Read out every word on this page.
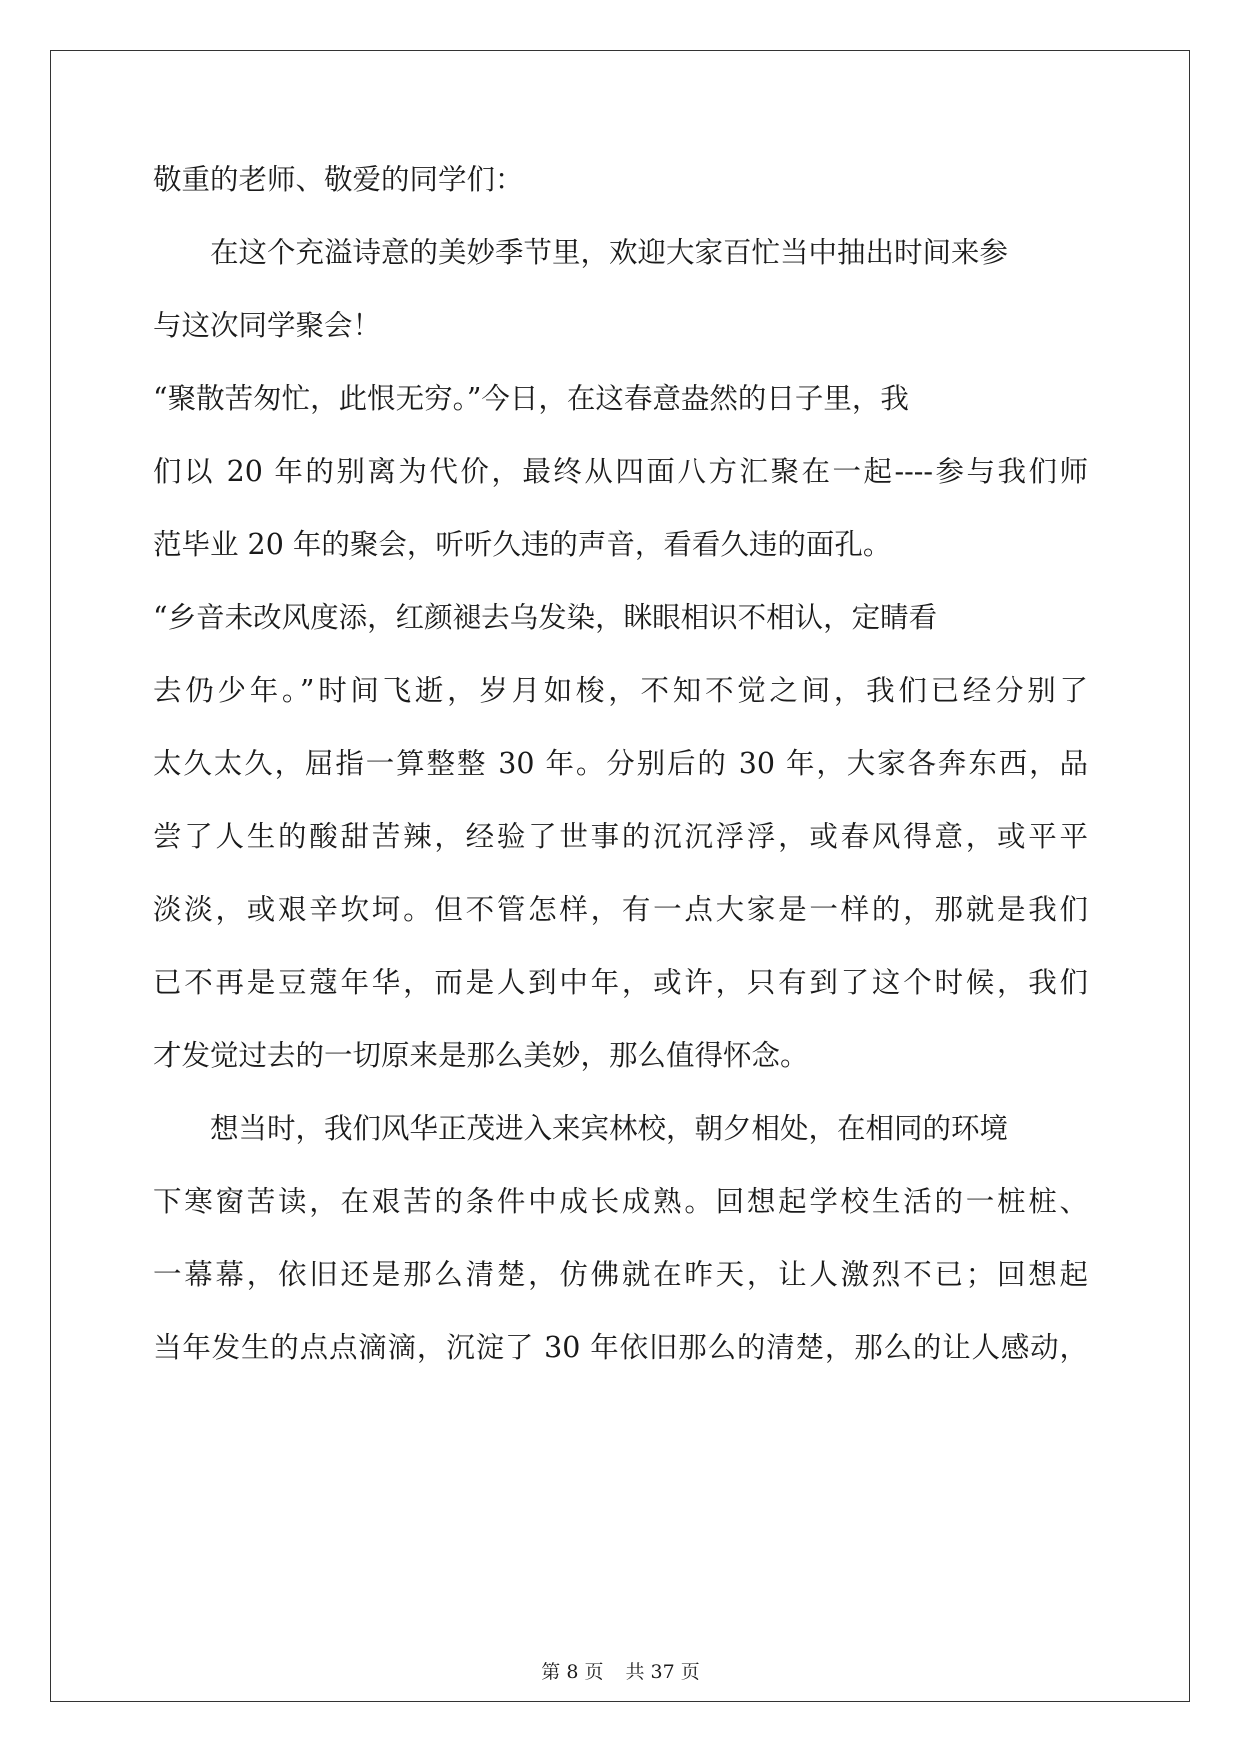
敬重的老师、敬爱的同学们：
在这个充溢诗意的美妙季节里，欢迎大家百忙当中抽出时间来参
与这次同学聚会！
“聚散苦匆忙，此恨无穷。”今日，在这春意盎然的日子里，我
们以 20 年的别离为代价，最终从四面八方汇聚在一起----参与我们师
范毕业 20 年的聚会，听听久违的声音，看看久违的面孔。
“乡音未改风度添，红颜褪去乌发染，眯眼相识不相认，定睛看
去仍少年。”时间飞逝，岁月如梭，不知不觉之间，我们已经分别了
太久太久，屈指一算整整 30 年。分别后的 30 年，大家各奔东西，品
尝了人生的酸甜苦辣，经验了世事的沉沉浮浮，或春风得意，或平平
淡淡，或艰辛坎坷。但不管怎样，有一点大家是一样的，那就是我们
已不再是豆蔻年华，而是人到中年，或许，只有到了这个时候，我们
才发觉过去的一切原来是那么美妙，那么值得怀念。
想当时，我们风华正茂进入来宾林校，朝夕相处，在相同的环境
下寒窗苦读，在艰苦的条件中成长成熟。回想起学校生活的一桩桩、
一幕幕，依旧还是那么清楚，仿佛就在昨天，让人激烈不已；回想起
当年发生的点点滴滴，沉淀了 30 年依旧那么的清楚，那么的让人感动，
第 8 页 共 37 页
